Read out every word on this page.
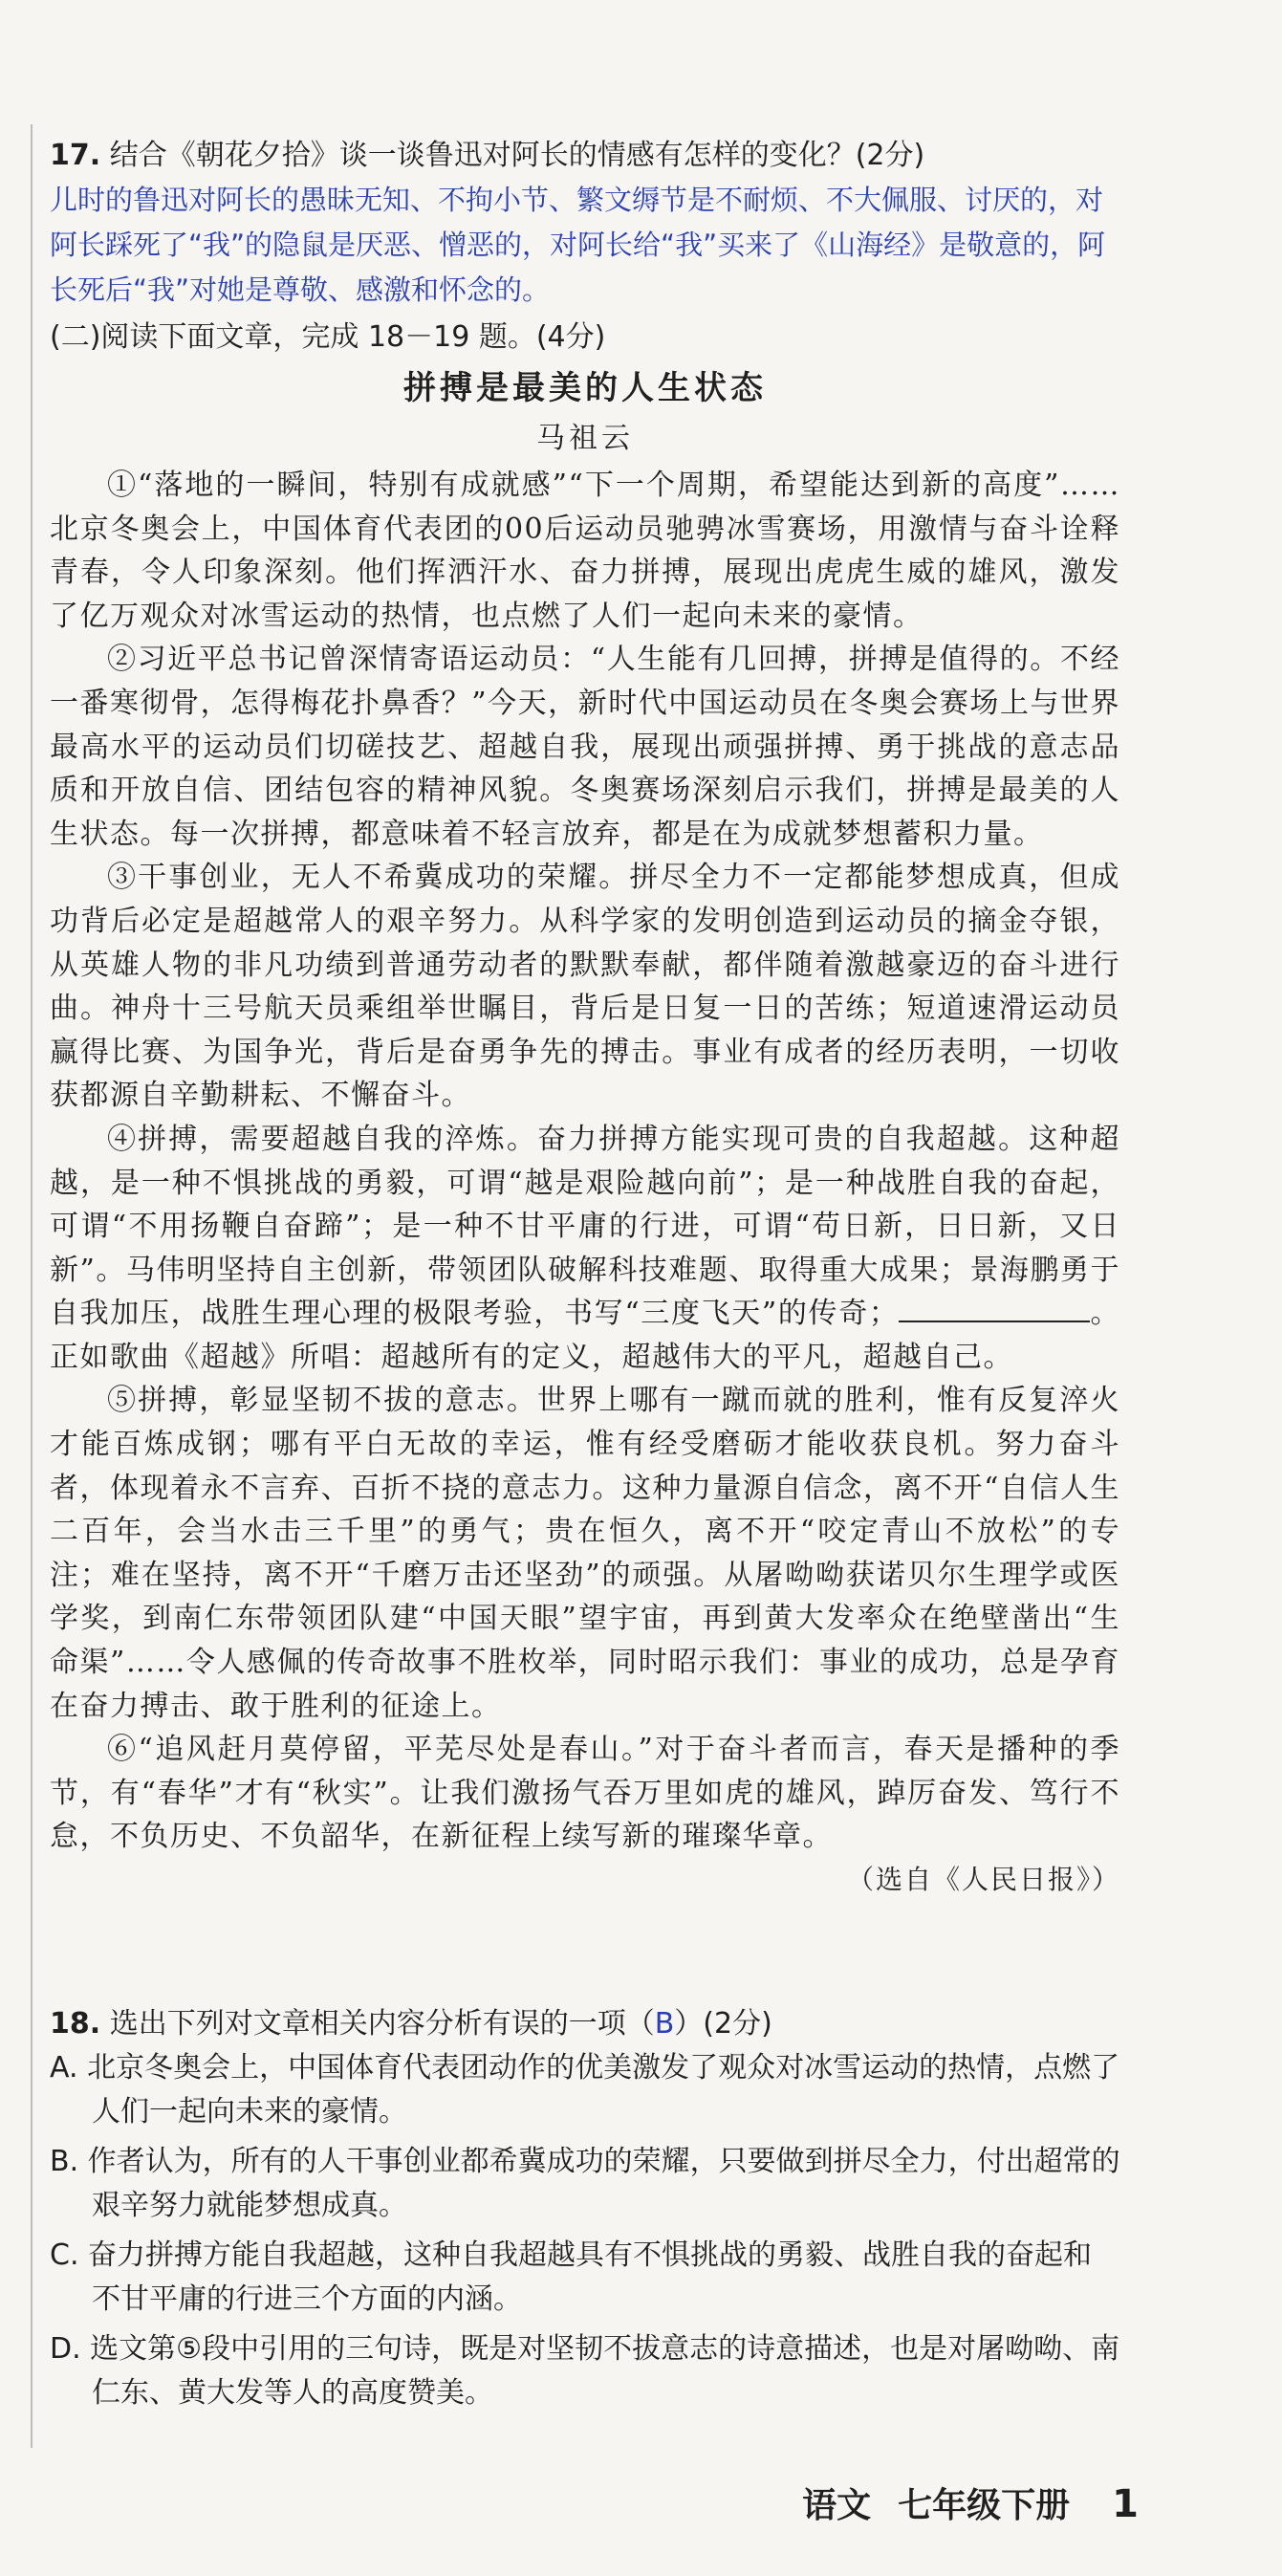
17. 结合《朝花夕拾》谈一谈鲁迅对阿长的情感有怎样的变化？(2分)

儿时的鲁迅对阿长的愚昧无知、不拘小节、繁文缛节是不耐烦、不大佩服、讨厌的，对阿长踩死了“我”的隐鼠是厌恶、憎恶的，对阿长给“我”买来了《山海经》是敬意的，阿长死后“我”对她是尊敬、感激和怀念的。

(二)阅读下面文章，完成 18－19 题。(4分)
拼搏是最美的人生状态
马祖云

①“落地的一瞬间，特别有成就感”“下一个周期，希望能达到新的高度”……北京冬奥会上，中国体育代表团的00后运动员驰骋冰雪赛场，用激情与奋斗诠释青春，令人印象深刻。他们挥洒汗水、奋力拼搏，展现出虎虎生威的雄风，激发了亿万观众对冰雪运动的热情，也点燃了人们一起向未来的豪情。

②习近平总书记曾深情寄语运动员：“人生能有几回搏，拼搏是值得的。不经一番寒彻骨，怎得梅花扑鼻香？”今天，新时代中国运动员在冬奥会赛场上与世界最高水平的运动员们切磋技艺、超越自我，展现出顽强拼搏、勇于挑战的意志品质和开放自信、团结包容的精神风貌。冬奥赛场深刻启示我们，拼搏是最美的人生状态。每一次拼搏，都意味着不轻言放弃，都是在为成就梦想蓄积力量。

③干事创业，无人不希冀成功的荣耀。拼尽全力不一定都能梦想成真，但成功背后必定是超越常人的艰辛努力。从科学家的发明创造到运动员的摘金夺银，从英雄人物的非凡功绩到普通劳动者的默默奉献，都伴随着激越豪迈的奋斗进行曲。神舟十三号航天员乘组举世瞩目，背后是日复一日的苦练；短道速滑运动员赢得比赛、为国争光，背后是奋勇争先的搏击。事业有成者的经历表明，一切收获都源自辛勤耕耘、不懈奋斗。

④拼搏，需要超越自我的淬炼。奋力拼搏方能实现可贵的自我超越。这种超越，是一种不惧挑战的勇毅，可谓“越是艰险越向前”；是一种战胜自我的奋起，可谓“不用扬鞭自奋蹄”；是一种不甘平庸的行进，可谓“苟日新，日日新，又日新”。马伟明坚持自主创新，带领团队破解科技难题、取得重大成果；景海鹏勇于自我加压，战胜生理心理的极限考验，书写“三度飞天”的传奇；	。正如歌曲《超越》所唱：超越所有的定义，超越伟大的平凡，超越自己。

⑤拼搏，彰显坚韧不拔的意志。世界上哪有一蹴而就的胜利，惟有反复淬火才能百炼成钢；哪有平白无故的幸运，惟有经受磨砺才能收获良机。努力奋斗者，体现着永不言弃、百折不挠的意志力。这种力量源自信念，离不开“自信人生二百年，会当水击三千里”的勇气；贵在恒久，离不开“咬定青山不放松”的专注；难在坚持，离不开“千磨万击还坚劲”的顽强。从屠呦呦获诺贝尔生理学或医学奖，到南仁东带领团队建“中国天眼”望宇宙，再到黄大发率众在绝壁凿出“生命渠”……令人感佩的传奇故事不胜枚举，同时昭示我们：事业的成功，总是孕育在奋力搏击、敢于胜利的征途上。

⑥“追风赶月莫停留，平芜尽处是春山。”对于奋斗者而言，春天是播种的季节，有“春华”才有“秋实”。让我们激扬气吞万里如虎的雄风，踔厉奋发、笃行不怠，不负历史、不负韶华，在新征程上续写新的璀璨华章。

（选自《人民日报》）
18. 选出下列对文章相关内容分析有误的一项（B）(2分)

A. 北京冬奥会上，中国体育代表团动作的优美激发了观众对冰雪运动的热情，点燃了人们一起向未来的豪情。

B. 作者认为，所有的人干事创业都希冀成功的荣耀，只要做到拼尽全力，付出超常的艰辛努力就能梦想成真。

C. 奋力拼搏方能自我超越，这种自我超越具有不惧挑战的勇毅、战胜自我的奋起和不甘平庸的行进三个方面的内涵。

D. 选文第⑤段中引用的三句诗，既是对坚韧不拔意志的诗意描述，也是对屠呦呦、南仁东、黄大发等人的高度赞美。

语文 七年级下册 1
